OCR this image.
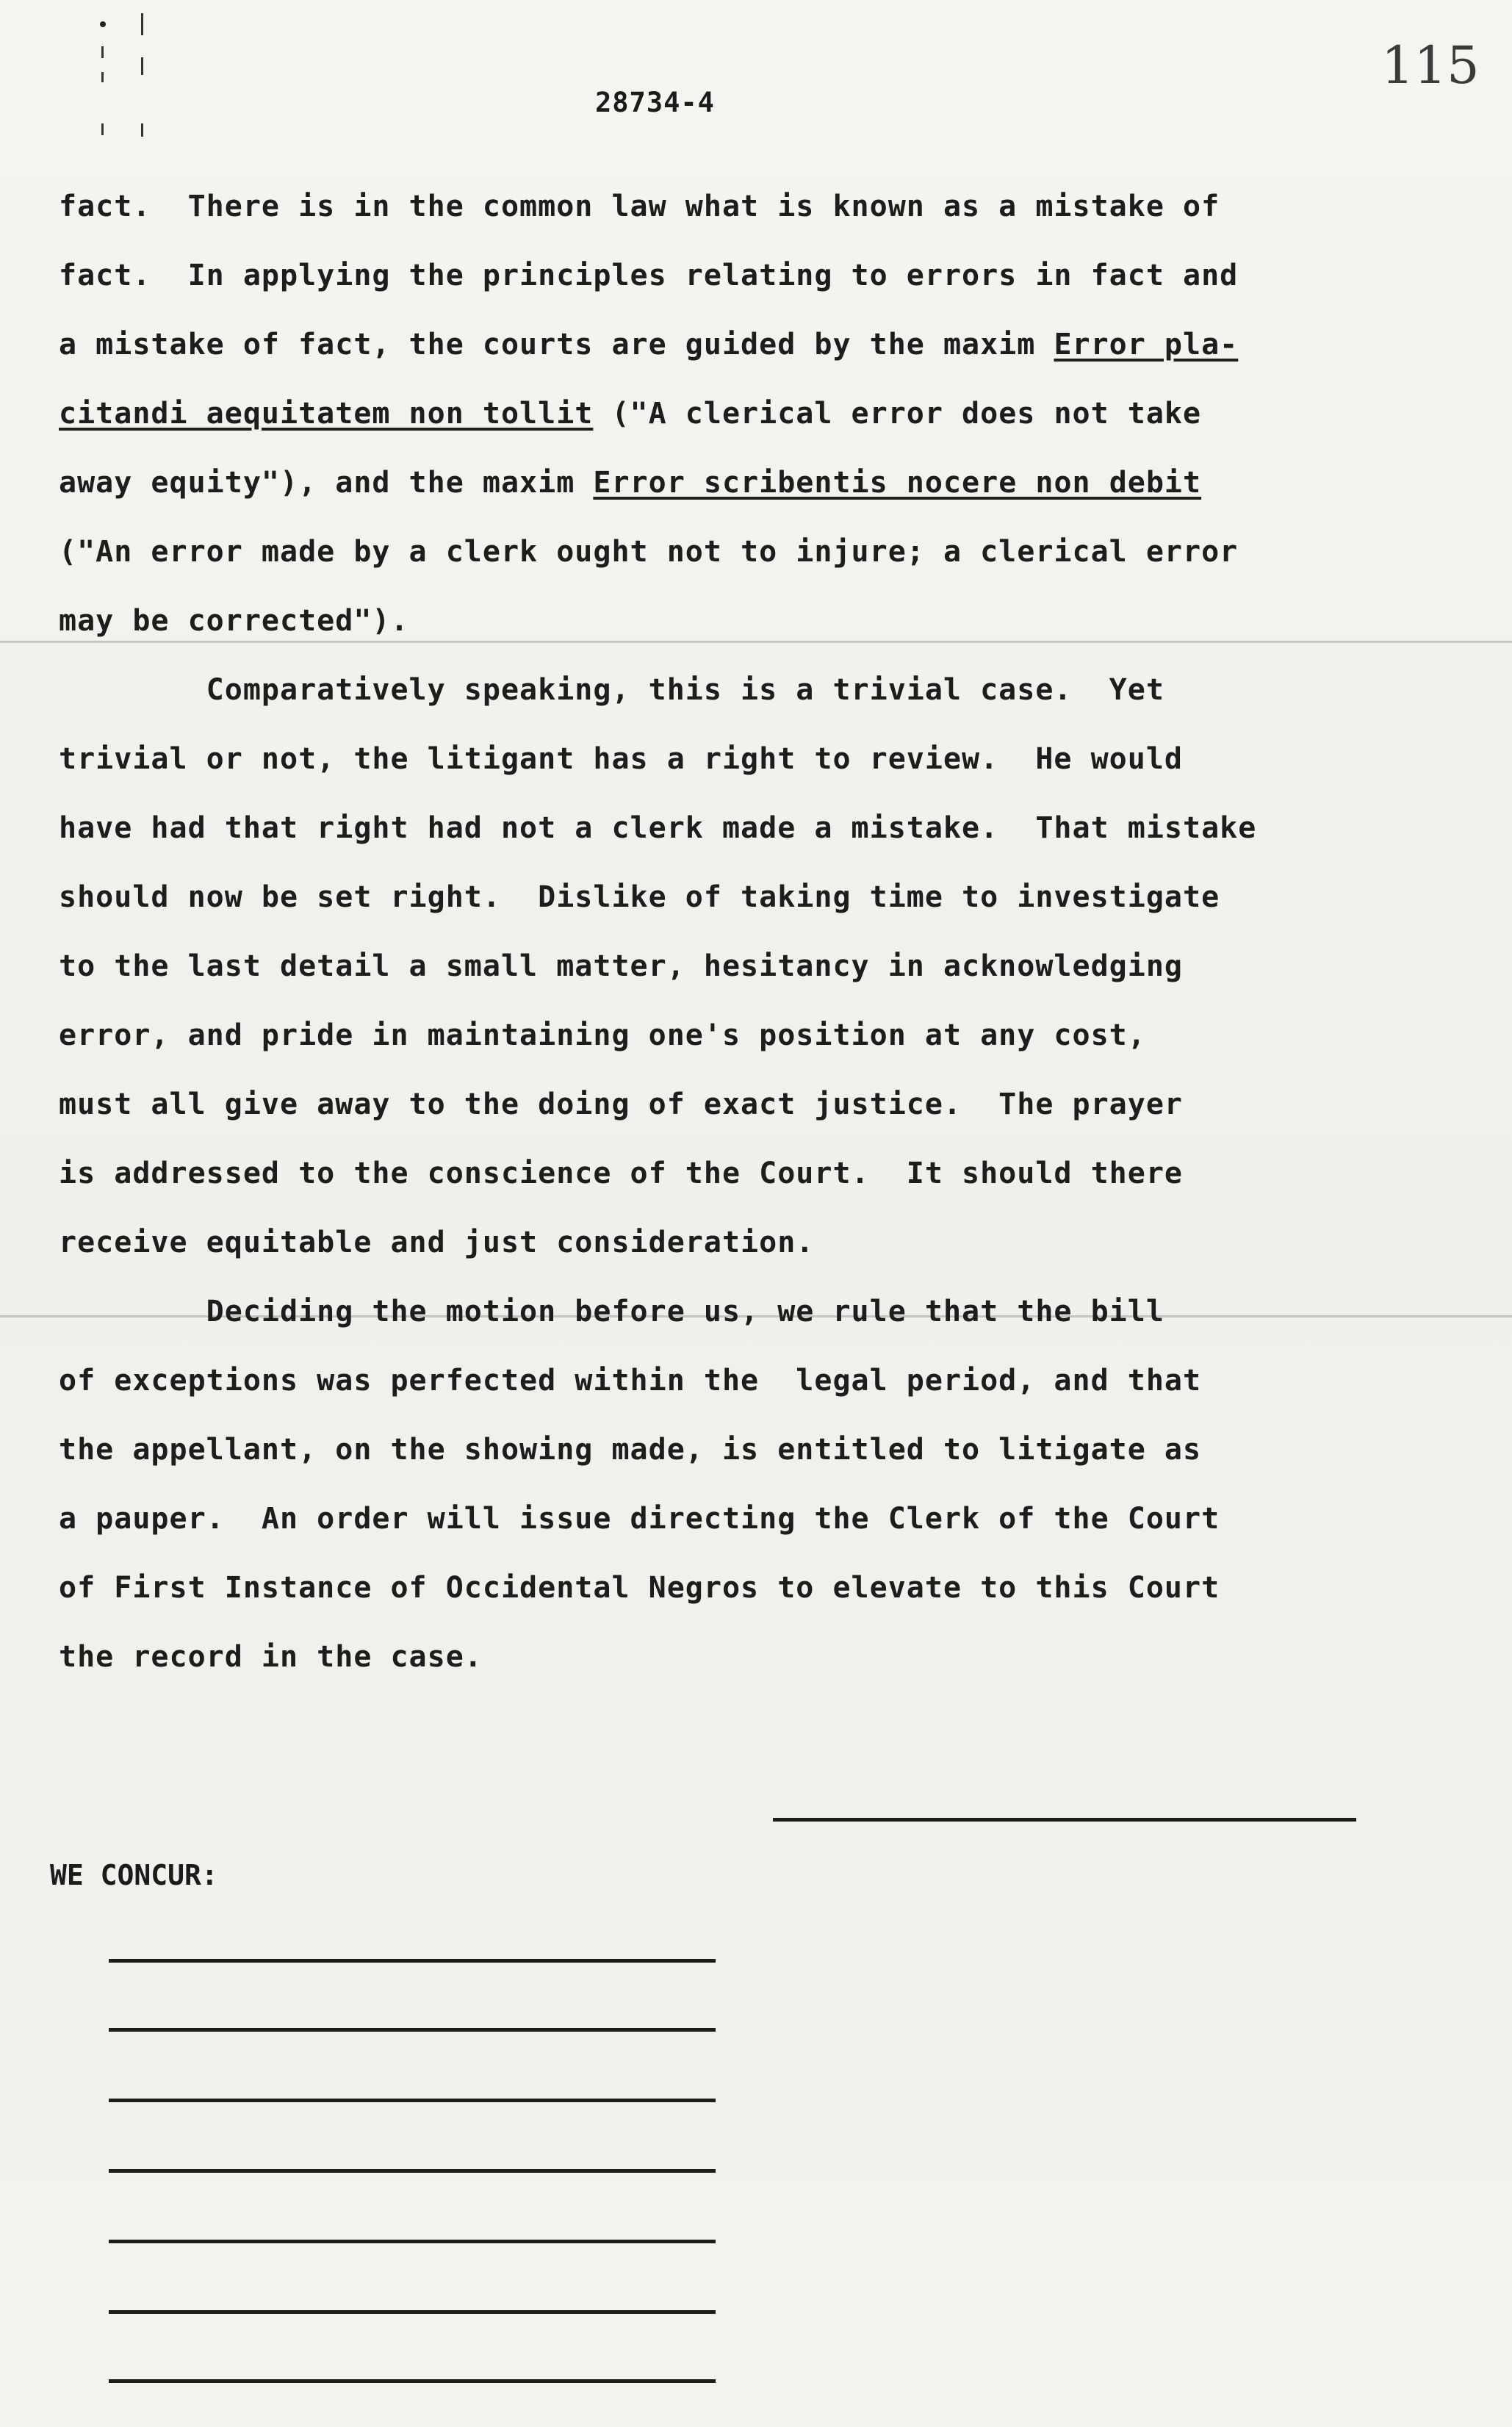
115
28734-4
fact.  There is in the common law what is known as a mistake of
fact.  In applying the principles relating to errors in fact and
a mistake of fact, the courts are guided by the maxim Error pla-
citandi aequitatem non tollit ("A clerical error does not take
away equity"), and the maxim Error scribentis nocere non debit
("An error made by a clerk ought not to injure; a clerical error
may be corrected").
Comparatively speaking, this is a trivial case.  Yet
trivial or not, the litigant has a right to review.  He would
have had that right had not a clerk made a mistake.  That mistake
should now be set right.  Dislike of taking time to investigate
to the last detail a small matter, hesitancy in acknowledging
error, and pride in maintaining one's position at any cost,
must all give away to the doing of exact justice.  The prayer
is addressed to the conscience of the Court.  It should there
receive equitable and just consideration.
Deciding the motion before us, we rule that the bill
of exceptions was perfected within the  legal period, and that
the appellant, on the showing made, is entitled to litigate as
a pauper.  An order will issue directing the Clerk of the Court
of First Instance of Occidental Negros to elevate to this Court
the record in the case.
WE CONCUR:
